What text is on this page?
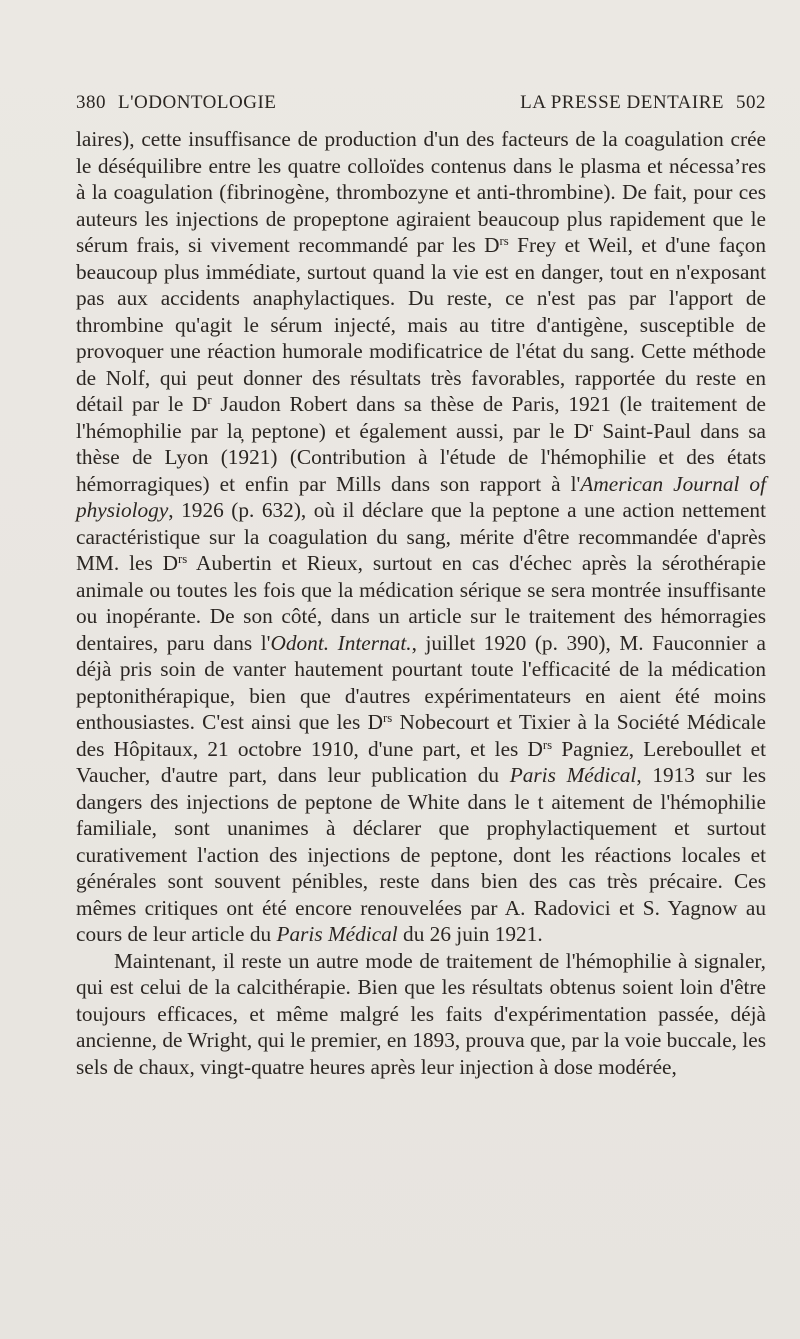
380 L'ODONTOLOGIE	LA PRESSE DENTAIRE 502

laires), cette insuffisance de production d'un des facteurs de la coagulation crée le déséquilibre entre les quatre colloïdes contenus dans le plasma et nécessa’res à la coagulation (fibrinogène, thrombozyne et anti-thrombine). De fait, pour ces auteurs les injections de propeptone agiraient beaucoup plus rapidement que le sérum frais, si vivement recommandé par les $D^{rs}$ Frey et Weil, et d'une façon beaucoup plus immédiate, surtout quand la vie est en danger, tout en n'exposant pas aux accidents anaphylactiques. Du reste, ce n'est pas par l'apport de thrombine qu'agit le sérum injecté, mais au titre d'antigène, susceptible de provoquer une réaction humorale modificatrice de l'état du sang. Cette méthode de Nolf, qui peut donner des résultats très favorables, rapportée du reste en détail par le $D^r$ Jaudon Robert dans sa thèse de Paris, 1921 (le traitement de l'hémophilie par la̦ peptone) et également aussi, par le $D^r$ Saint-Paul dans sa thèse de Lyon (1921) (Contribution à l'étude de l'hémophilie et des états hémorragiques) et enfin par Mills dans son rapport à l'American Journal of physiology, 1926 (p. 632), où il déclare que la peptone a une action nettement caractéristique sur la coagulation du sang, mérite d'être recommandée d'après MM. les $D^{rs}$ Aubertin et Rieux, surtout en cas d'échec après la sérothérapie animale ou toutes les fois que la médication sérique se sera montrée insuffisante ou inopérante. De son côté, dans un article sur le traitement des hémorragies dentaires, paru dans l'Odont. Internat., juillet 1920 (p. 390), M. Fauconnier a déjà pris soin de vanter hautement pourtant toute l'efficacité de la médication peptonithérapique, bien que d'autres expérimentateurs en aient été moins enthousiastes. C'est ainsi que les $D^{rs}$ Nobecourt et Tixier à la Société Médicale des Hôpitaux, 21 octobre 1910, d'une part, et les $D^{rs}$ Pagniez, Lereboullet et Vaucher, d'autre part, dans leur publication du Paris Médical, 1913 sur les dangers des injections de peptone de White dans le t aitement de l'hémophilie familiale, sont unanimes à déclarer que prophylactiquement et surtout curativement l'action des injections de peptone, dont les réactions locales et générales sont souvent pénibles, reste dans bien des cas très précaire. Ces mêmes critiques ont été encore renouvelées par A. Radovici et S. Yagnow au cours de leur article du Paris Médical du 26 juin 1921.

Maintenant, il reste un autre mode de traitement de l'hémophilie à signaler, qui est celui de la calcithérapie. Bien que les résultats obtenus soient loin d'être toujours efficaces, et même malgré les faits d'expérimentation passée, déjà ancienne, de Wright, qui le premier, en 1893, prouva que, par la voie buccale, les sels de chaux, vingt-quatre heures après leur injection à dose modérée,
